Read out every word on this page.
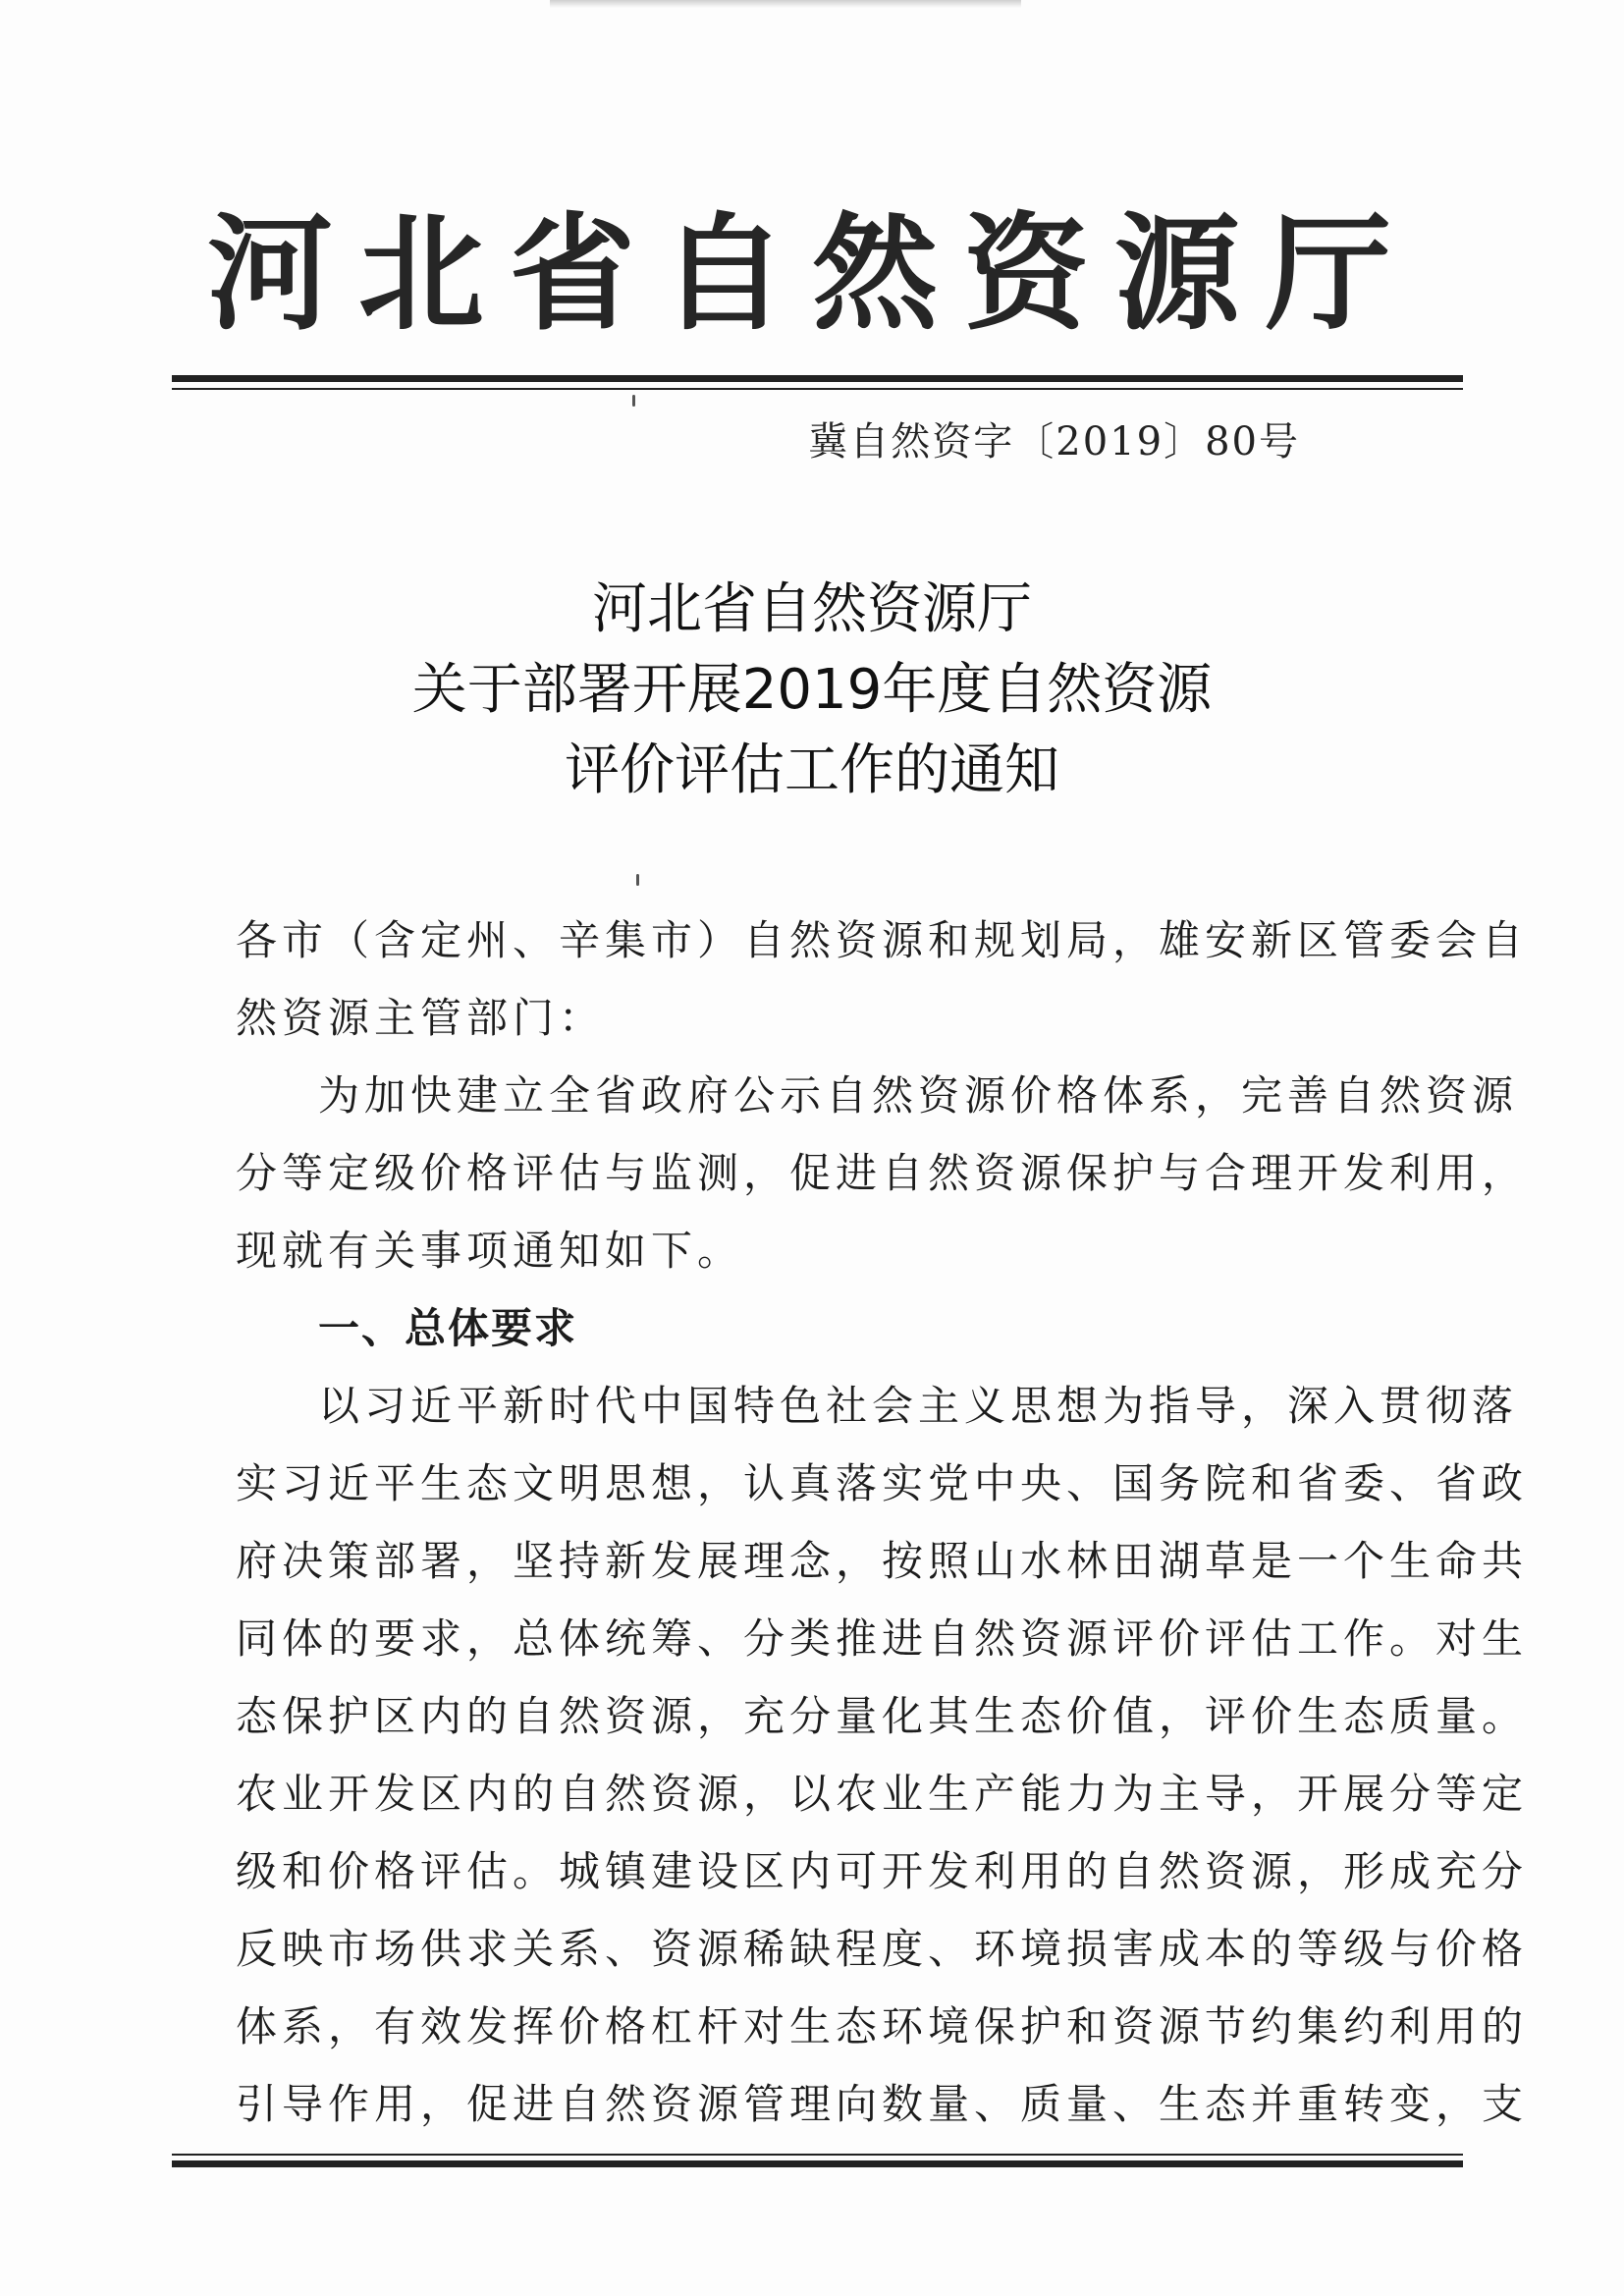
河北省自然资源厅
冀自然资字〔2019〕80号
河北省自然资源厅
关于部署开展2019年度自然资源
评价评估工作的通知
各市（含定州、辛集市）自然资源和规划局，雄安新区管委会自
然资源主管部门：
为加快建立全省政府公示自然资源价格体系，完善自然资源
分等定级价格评估与监测，促进自然资源保护与合理开发利用，
现就有关事项通知如下。
一、总体要求
以习近平新时代中国特色社会主义思想为指导，深入贯彻落
实习近平生态文明思想，认真落实党中央、国务院和省委、省政
府决策部署，坚持新发展理念，按照山水林田湖草是一个生命共
同体的要求，总体统筹、分类推进自然资源评价评估工作。对生
态保护区内的自然资源，充分量化其生态价值，评价生态质量。
农业开发区内的自然资源，以农业生产能力为主导，开展分等定
级和价格评估。城镇建设区内可开发利用的自然资源，形成充分
反映市场供求关系、资源稀缺程度、环境损害成本的等级与价格
体系，有效发挥价格杠杆对生态环境保护和资源节约集约利用的
引导作用，促进自然资源管理向数量、质量、生态并重转变，支
